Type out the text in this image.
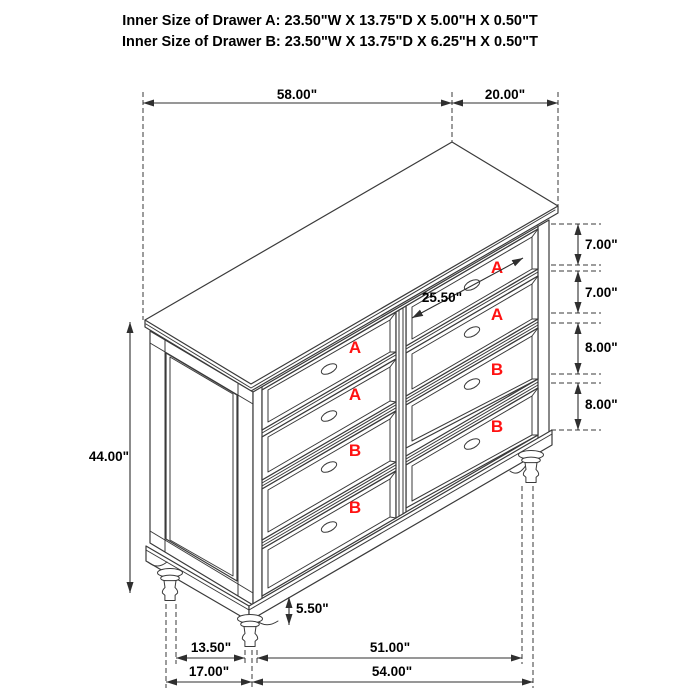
Inner Size of Drawer A: 23.50"W X 13.75"D X 5.00"H X 0.50"T
Inner Size of Drawer B: 23.50"W X 13.75"D X 6.25"H X 0.50"T
A
A
B
B
A
A
B
B
58.00"	20.00"
44.00"
7.00"
7.00"
8.00"
8.00"
25.50"
5.50"
13.50"
17.00"
51.00"
54.00"
